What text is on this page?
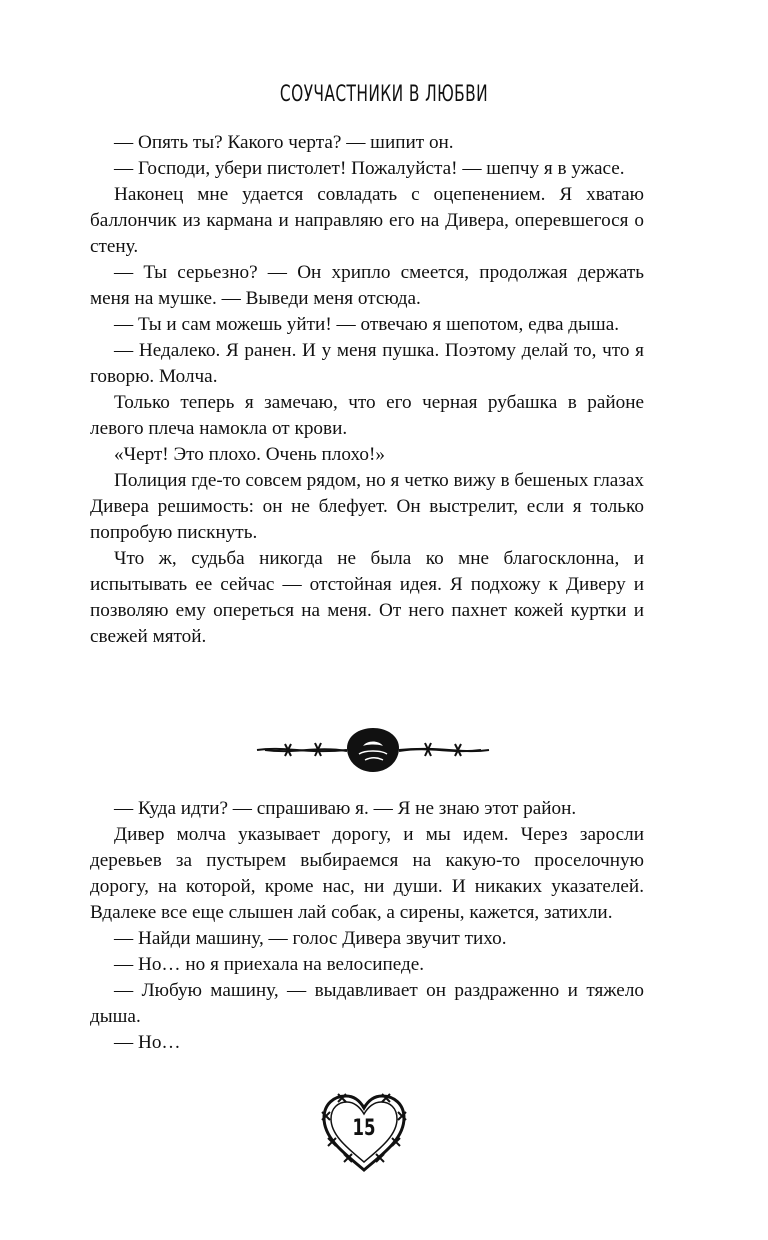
СОУЧАСТНИКИ В ЛЮБВИ

— Опять ты? Какого черта? — шипит он.

— Господи, убери пистолет! Пожалуйста! — шепчу я в ужасе.

Наконец мне удается совладать с оцепенением. Я хватаю баллончик из кармана и направляю его на Дивера, оперевшегося о стену.

— Ты серьезно? — Он хрипло смеется, продолжая держать меня на мушке. — Выведи меня отсюда.

— Ты и сам можешь уйти! — отвечаю я шепотом, едва дыша.

— Недалеко. Я ранен. И у меня пушка. Поэтому делай то, что я говорю. Молча.

Только теперь я замечаю, что его черная рубашка в районе левого плеча намокла от крови.

«Черт! Это плохо. Очень плохо!»

Полиция где-то совсем рядом, но я четко вижу в бешеных глазах Дивера решимость: он не блефует. Он выстрелит, если я только попробую пискнуть.

Что ж, судьба никогда не была ко мне благосклонна, и испытывать ее сейчас — отстойная идея. Я подхожу к Диверу и позволяю ему опереться на меня. От него пахнет кожей куртки и свежей мятой.

— Куда идти? — спрашиваю я. — Я не знаю этот район.

Дивер молча указывает дорогу, и мы идем. Через заросли деревьев за пустырем выбираемся на какую-то проселочную дорогу, на которой, кроме нас, ни души. И никаких указателей. Вдалеке все еще слышен лай собак, а сирены, кажется, затихли.

— Найди машину, — голос Дивера звучит тихо.

— Но… но я приехала на велосипеде.

— Любую машину, — выдавливает он раздраженно и тяжело дыша.

— Но…

15
